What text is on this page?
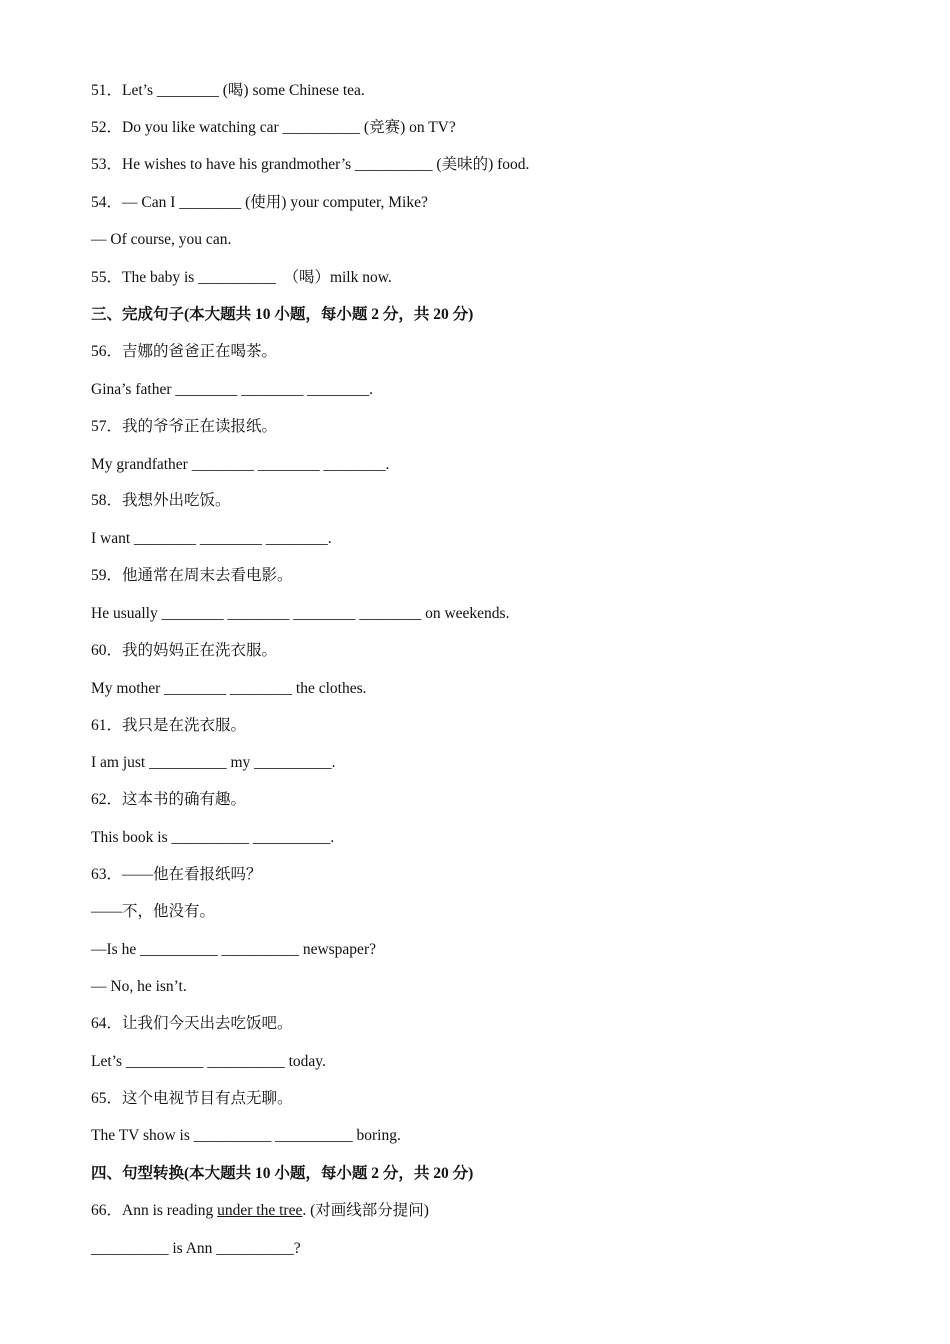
51．Let’s ________ (喝) some Chinese tea.
52．Do you like watching car __________ (竞赛) on TV?
53．He wishes to have his grandmother’s __________ (美味的) food.
54．— Can I ________ (使用) your computer, Mike?
— Of course, you can.
55．The baby is __________  （喝）milk now.
三、完成句子(本大题共 10 小题，每小题 2 分，共 20 分)
56．吉娜的爸爸正在喝茶。
Gina’s father ________ ________ ________.
57．我的爷爷正在读报纸。
My grandfather ________ ________ ________.
58．我想外出吃饭。
I want ________ ________ ________.
59．他通常在周末去看电影。
He usually ________ ________ ________ ________ on weekends.
60．我的妈妈正在洗衣服。
My mother ________ ________ the clothes.
61．我只是在洗衣服。
I am just __________ my __________.
62．这本书的确有趣。
This book is __________ __________.
63．——他在看报纸吗？
——不，他没有。
—Is he __________ __________ newspaper?
— No, he isn’t.
64．让我们今天出去吃饭吧。
Let’s __________ __________ today.
65．这个电视节目有点无聊。
The TV show is __________ __________ boring.
四、句型转换(本大题共 10 小题，每小题 2 分，共 20 分)
66．Ann is reading under the tree. (对画线部分提问)
__________ is Ann __________?
